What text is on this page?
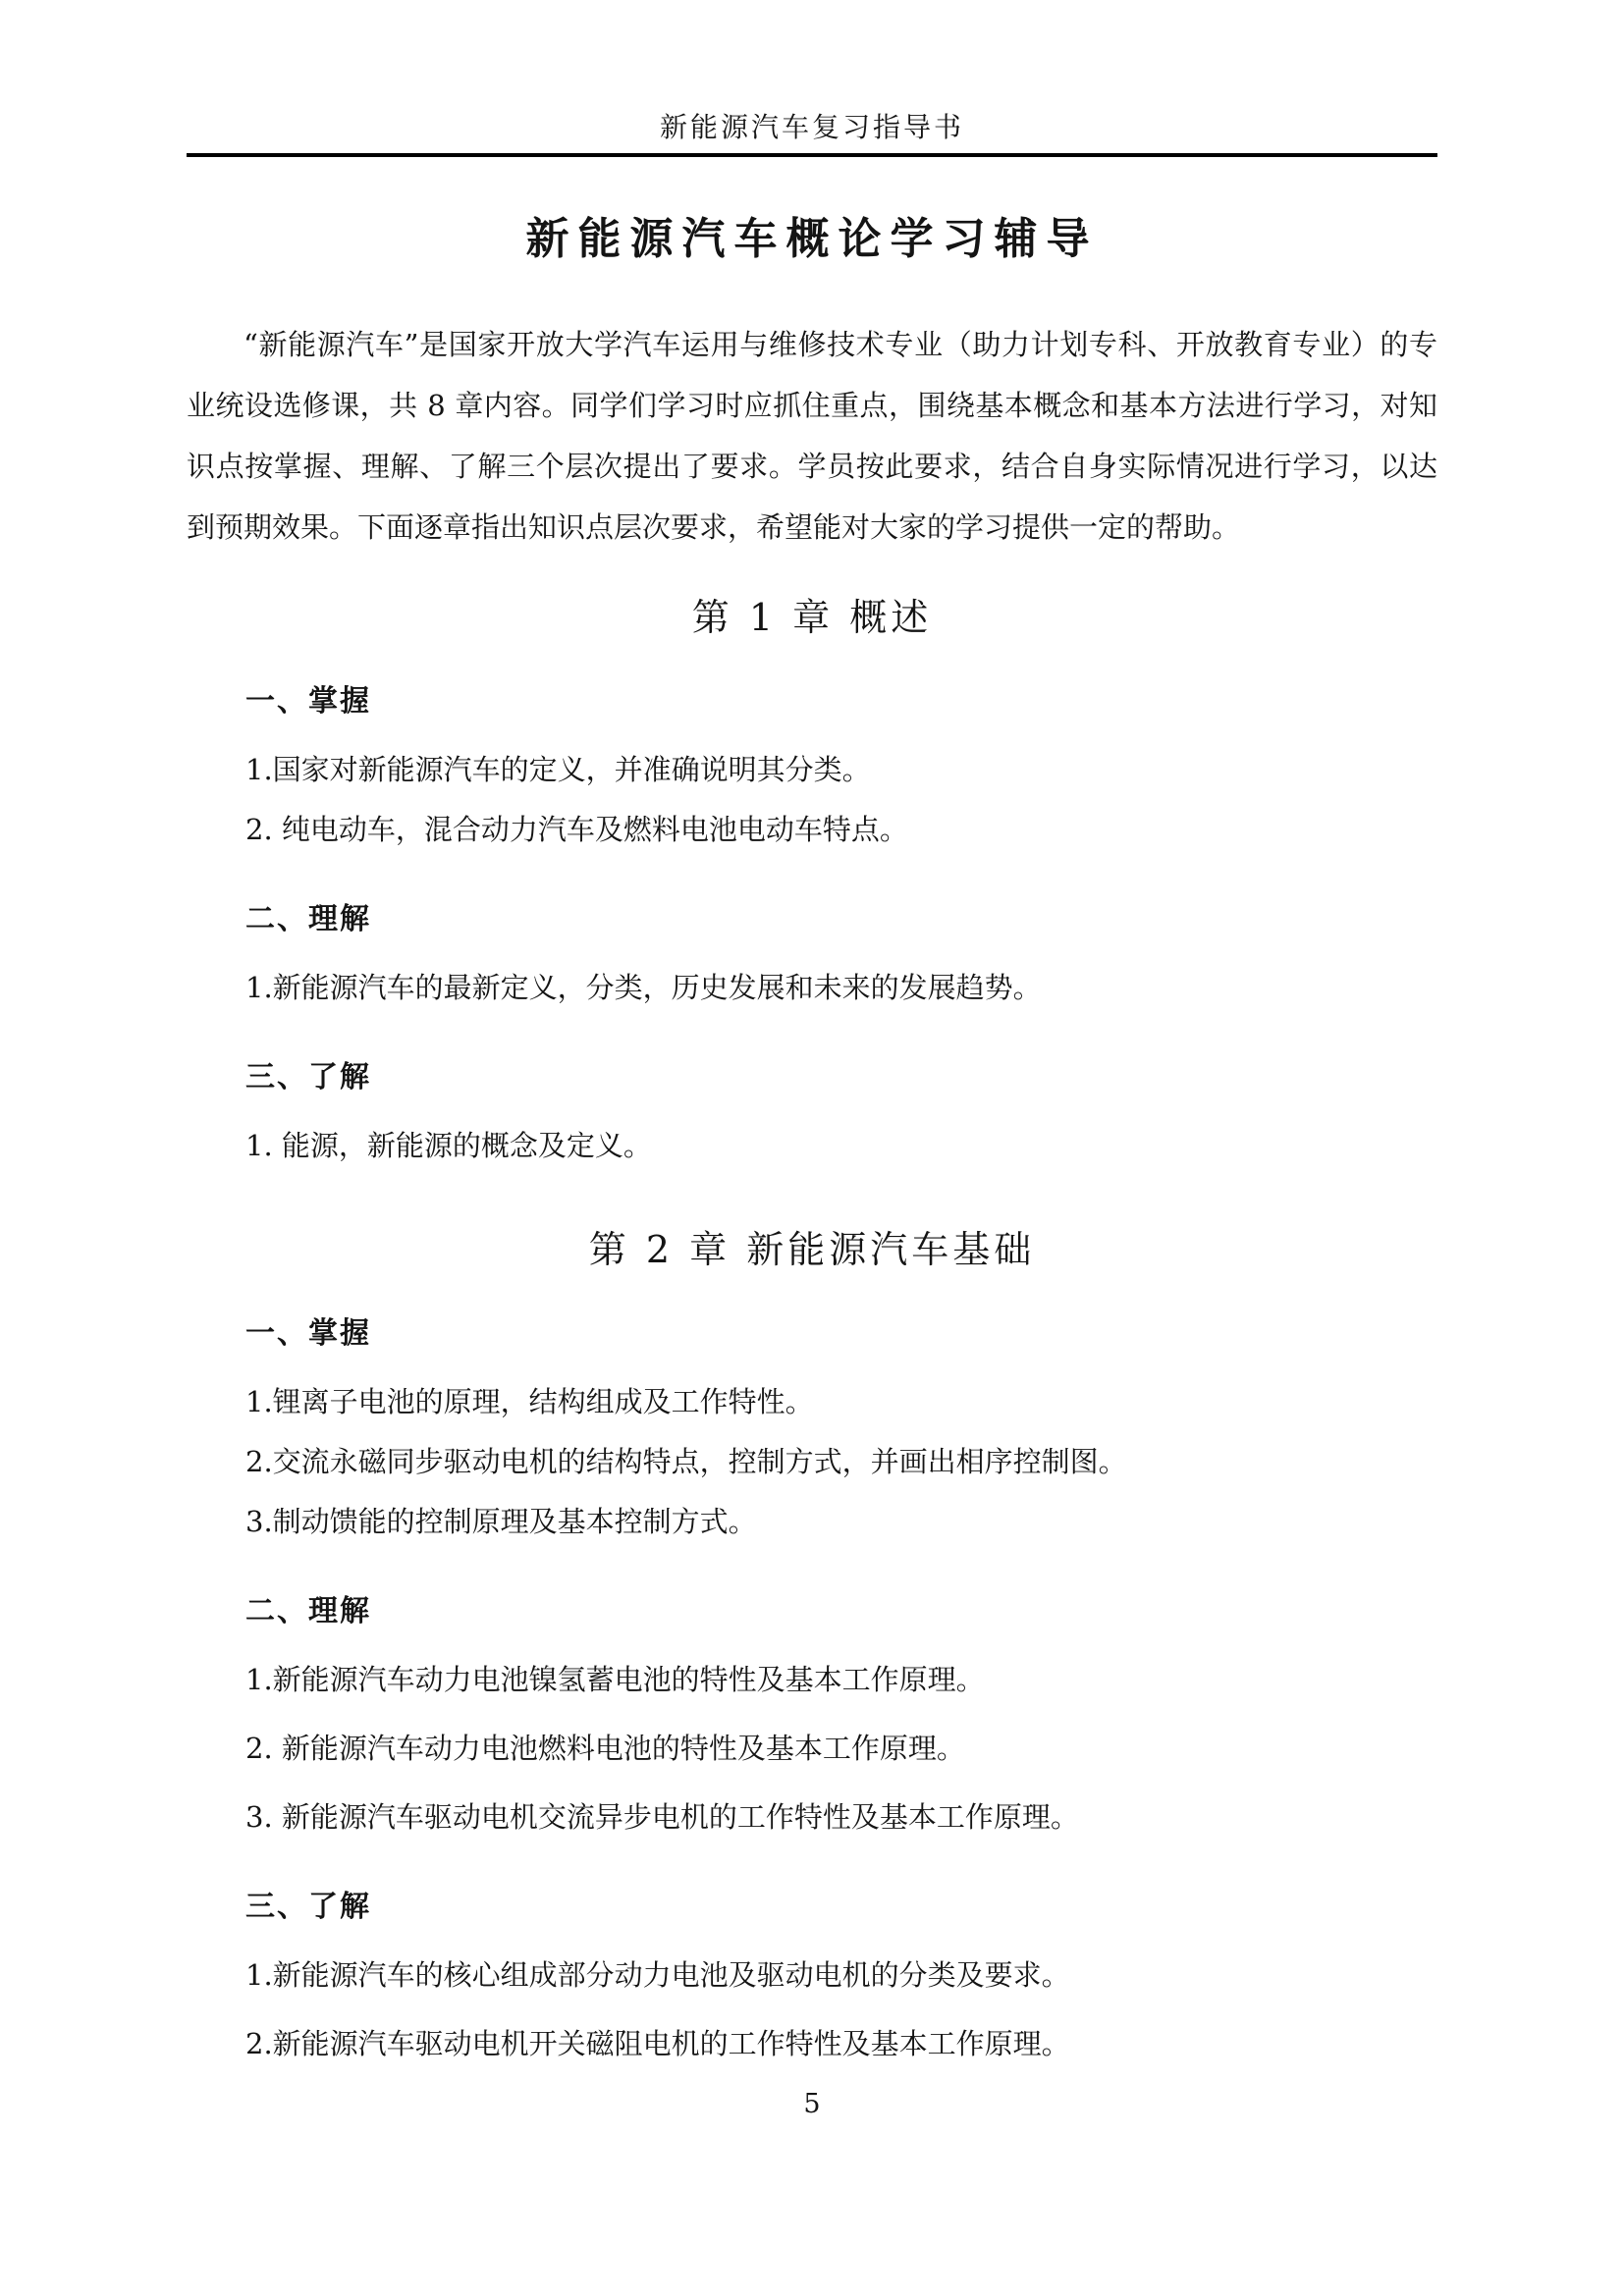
新能源汽车复习指导书
新能源汽车概论学习辅导

“新能源汽车”是国家开放大学汽车运用与维修技术专业（助力计划专科、开放教育专业）的专业统设选修课，共 8 章内容。同学们学习时应抓住重点，围绕基本概念和基本方法进行学习，对知识点按掌握、理解、了解三个层次提出了要求。学员按此要求，结合自身实际情况进行学习，以达到预期效果。下面逐章指出知识点层次要求，希望能对大家的学习提供一定的帮助。

第 1 章 概述
一、掌握

1.国家对新能源汽车的定义，并准确说明其分类。

2. 纯电动车，混合动力汽车及燃料电池电动车特点。

二、理解

1.新能源汽车的最新定义，分类，历史发展和未来的发展趋势。

三、了解

1. 能源，新能源的概念及定义。

第 2 章 新能源汽车基础
一、掌握

1.锂离子电池的原理，结构组成及工作特性。

2.交流永磁同步驱动电机的结构特点，控制方式，并画出相序控制图。

3.制动馈能的控制原理及基本控制方式。

二、理解

1.新能源汽车动力电池镍氢蓄电池的特性及基本工作原理。

2. 新能源汽车动力电池燃料电池的特性及基本工作原理。

3. 新能源汽车驱动电机交流异步电机的工作特性及基本工作原理。

三、了解

1.新能源汽车的核心组成部分动力电池及驱动电机的分类及要求。

2.新能源汽车驱动电机开关磁阻电机的工作特性及基本工作原理。

5
